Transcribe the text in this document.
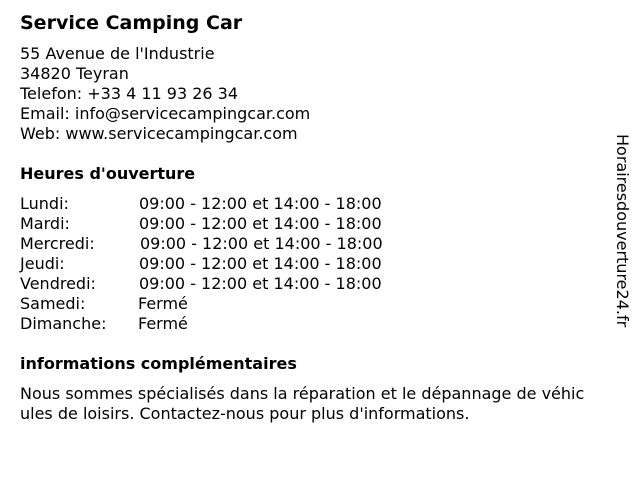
Service Camping Car
55 Avenue de l'Industrie
34820 Teyran
Telefon: +33 4 11 93 26 34
Email: info@servicecampingcar.com
Web: www.servicecampingcar.com
Heures d'ouverture
Lundi:	09:00 - 12:00 et 14:00 - 18:00
Mardi:	09:00 - 12:00 et 14:00 - 18:00
Mercredi:	09:00 - 12:00 et 14:00 - 18:00
Jeudi:	09:00 - 12:00 et 14:00 - 18:00
Vendredi:	09:00 - 12:00 et 14:00 - 18:00
Samedi:	Fermé
Dimanche: Fermé
informations complémentaires
Nous sommes spécialisés dans la réparation et le dépannage de véhicules de loisirs. Contactez-nous pour plus d'informations.
Horairesdouverture24.fr
